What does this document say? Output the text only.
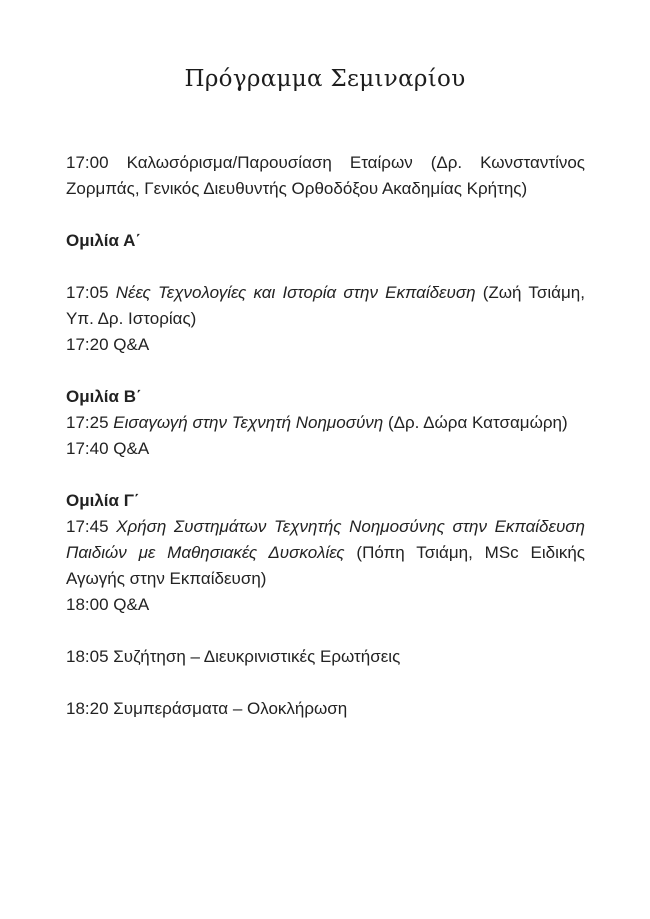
Πρόγραμμα Σεμιναρίου

17:00 Καλωσόρισμα/Παρουσίαση Εταίρων (Δρ. Κωνσταντίνος Ζορμπάς, Γενικός Διευθυντής Ορθοδόξου Ακαδημίας Κρήτης)

Ομιλία Α΄

17:05 Νέες Τεχνολογίες και Ιστορία στην Εκπαίδευση (Ζωή Τσιάμη, Υπ. Δρ. Ιστορίας)

17:20 Q&A

Ομιλία Β΄

17:25 Εισαγωγή στην Τεχνητή Νοημοσύνη (Δρ. Δώρα Κατσαμώρη)

17:40 Q&A

Ομιλία Γ΄

17:45 Χρήση Συστημάτων Τεχνητής Νοημοσύνης στην Εκπαίδευση Παιδιών με Μαθησιακές Δυσκολίες (Πόπη Τσιάμη, MSc Ειδικής Αγωγής στην Εκπαίδευση)

18:00 Q&A

18:05 Συζήτηση – Διευκρινιστικές Ερωτήσεις

18:20 Συμπεράσματα – Ολοκλήρωση
